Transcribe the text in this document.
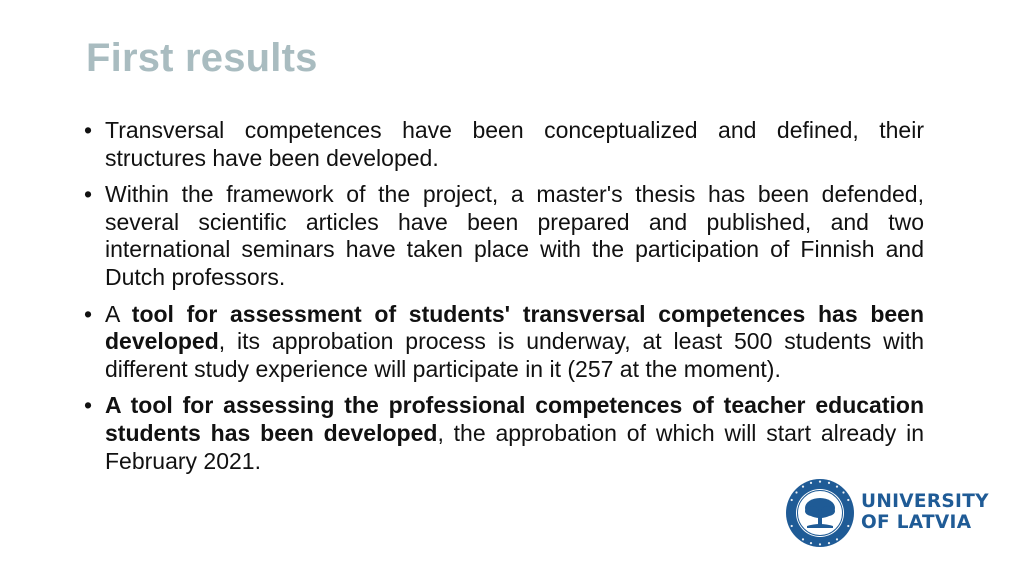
First results
• Transversal competences have been conceptualized and defined, their structures have been developed.
• Within the framework of the project, a master's thesis has been defended, several scientific articles have been prepared and published, and two international seminars have taken place with the participation of Finnish and Dutch professors.
• A tool for assessment of students' transversal competences has been developed, its approbation process is underway, at least 500 students with different study experience will participate in it (257 at the moment).
• A tool for assessing the professional competences of teacher education students has been developed, the approbation of which will start already in February 2021.
UNIVERSITY
OF LATVIA
